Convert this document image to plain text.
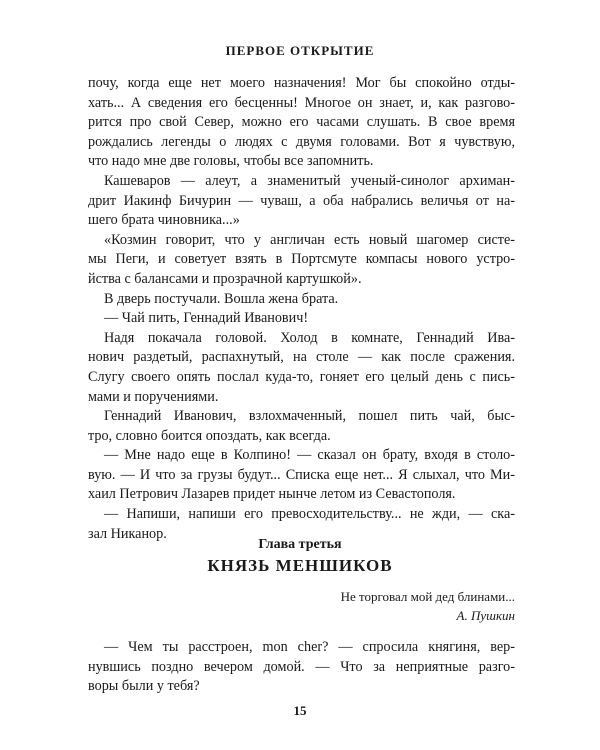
ПЕРВОЕ ОТКРЫТИЕ

почу, когда еще нет моего назначения! Мог бы спокойно отды-

хать... А сведения его бесценны! Многое он знает, и, как разгово-

рится про свой Север, можно его часами слушать. В свое время

рождались легенды о людях с двумя головами. Вот я чувствую,

что надо мне две головы, чтобы все запомнить.

Кашеваров — алеут, а знаменитый ученый-синолог архиман-

дрит Иакинф Бичурин — чуваш, а оба набрались величья от на-

шего брата чиновника...»

«Козмин говорит, что у англичан есть новый шагомер систе-

мы Пеги, и советует взять в Портсмуте компасы нового устро-

йства с балансами и прозрачной картушкой».

В дверь постучали. Вошла жена брата.

— Чай пить, Геннадий Иванович!

Надя покачала головой. Холод в комнате, Геннадий Ива-

нович раздетый, распахнутый, на столе — как после сражения.

Слугу своего опять послал куда-то, гоняет его целый день с пись-

мами и поручениями.

Геннадий Иванович, взлохмаченный, пошел пить чай, быс-

тро, словно боится опоздать, как всегда.

— Мне надо еще в Колпино! — сказал он брату, входя в столо-

вую. — И что за грузы будут... Списка еще нет... Я слыхал, что Ми-

хаил Петрович Лазарев придет нынче летом из Севастополя.

— Напиши, напиши его превосходительству... не жди, — ска-

зал Никанор.

Глава третья
КНЯЗЬ МЕНШИКОВ
Не торговал мой дед блинами...
А. Пушкин

— Чем ты расстроен, mon cher? — спросила княгиня, вер-

нувшись поздно вечером домой. — Что за неприятные разго-

воры были у тебя?

15
